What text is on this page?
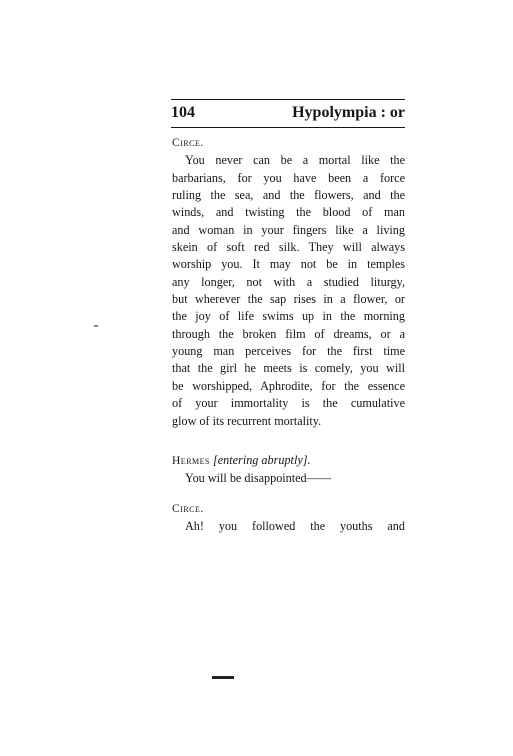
104	Hypolympia : or
Circe.

You never can be a mortal like the

barbarians, for you have been a force

ruling the sea, and the flowers, and the

winds, and twisting the blood of man

and woman in your fingers like a living

skein of soft red silk. They will always

worship you. It may not be in temples

any longer, not with a studied liturgy,

but wherever the sap rises in a flower, or

the joy of life swims up in the morning

through the broken film of dreams, or a

young man perceives for the first time

that the girl he meets is comely, you will

be worshipped, Aphrodite, for the essence

of your immortality is the cumulative

glow of its recurrent mortality.

Hermes [entering abruptly].

You will be disappointed——

Circe.

Ah! you followed the youths and
